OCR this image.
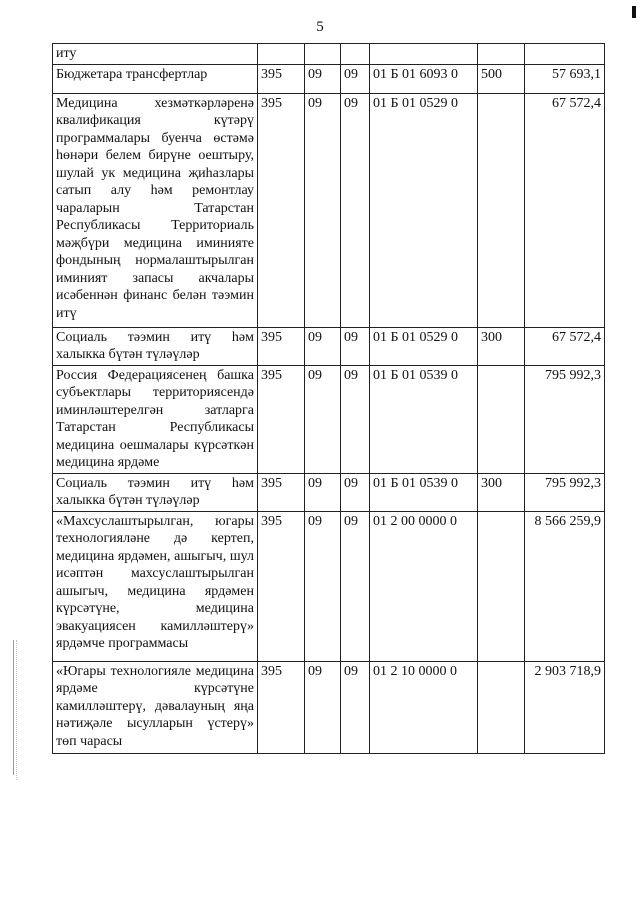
5
иту						
Бюджетара трансфертлар	395	09	09	01 Б 01 6093 0	500	57 693,1
Медицина хезмәткәрләренә квалификация күтәрү программалары буенча өстәмә һөнәри белем бирүне оештыру, шулай ук медицина җиһазлары сатып алу һәм ремонтлау чараларын Татарстан Республикасы Территориаль мәҗбүри медицина иминияте фондының нормалаштырылган иминият запасы акчалары исәбеннән финанс белән тәэмин итү	395	09	09	01 Б 01 0529 0		67 572,4
Социаль тәэмин итү һәм халыкка бүтән түләүләр	395	09	09	01 Б 01 0529 0	300	67 572,4
Россия Федерациясенең башка субъектлары территориясендә иминләштерелгән затларга Татарстан Республикасы медицина оешмалары күрсәткән медицина ярдәме	395	09	09	01 Б 01 0539 0		795 992,3
Социаль тәэмин итү һәм халыкка бүтән түләүләр	395	09	09	01 Б 01 0539 0	300	795 992,3
«Махсуслаштырылган, югары технологияләне дә кертеп, медицина ярдәмен, ашыгыч, шул исәптән махсуслаштырылган ашыгыч, медицина ярдәмен күрсәтүне, медицина эвакуациясен камилләштерү» ярдәмче программасы	395	09	09	01 2 00 0000 0		8 566 259,9
«Югары технологияле медицина ярдәме күрсәтүне камилләштерү, дәвалауның яңа нәтиҗәле ысулларын үстерү» төп чарасы	395	09	09	01 2 10 0000 0		2 903 718,9
